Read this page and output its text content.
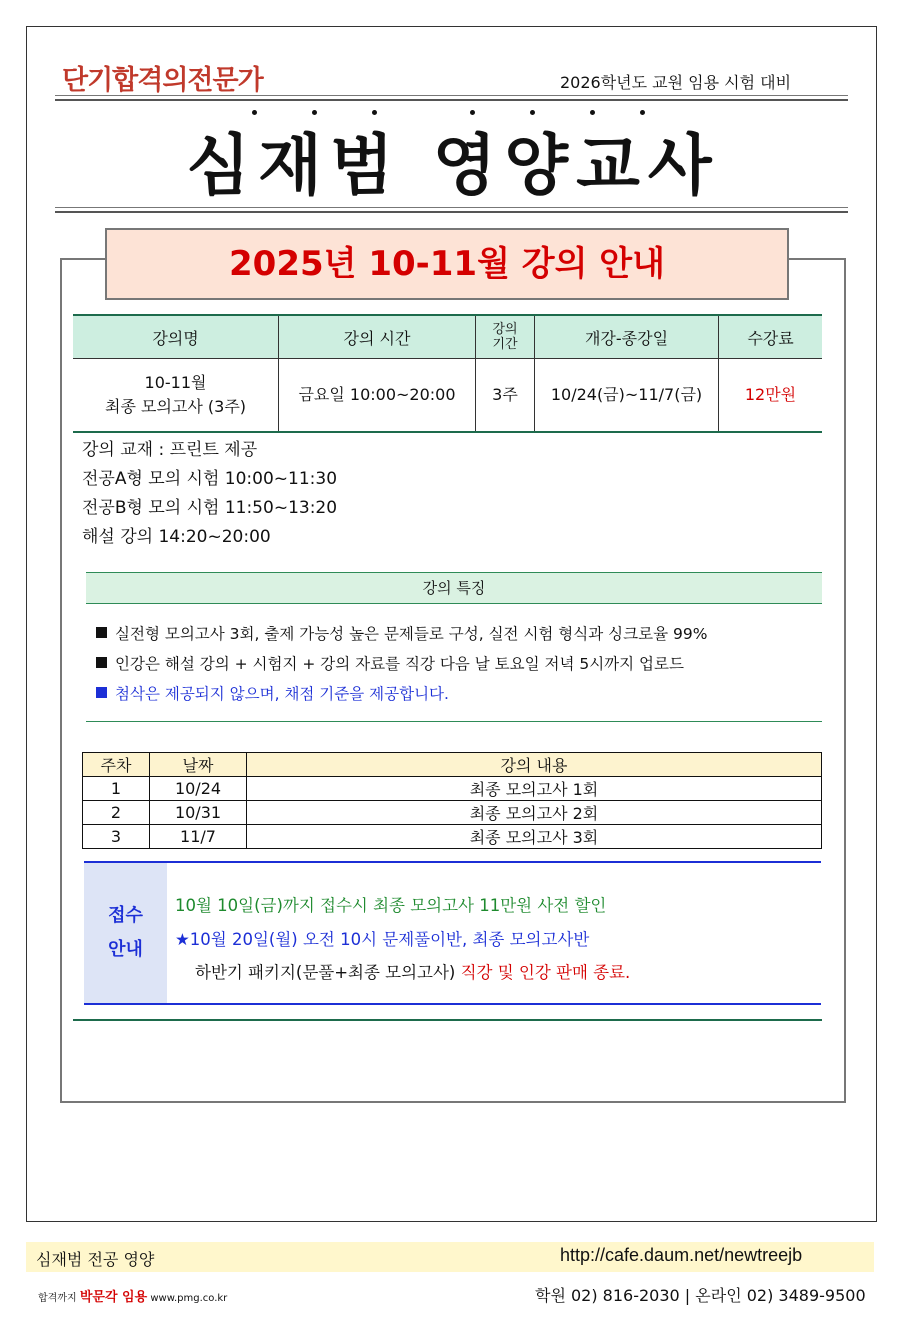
단기합격의전문가	2026학년도 교원 임용 시험 대비
심재범 영양교사
2025년 10-11월 강의 안내
강의명	강의 시간	강의 기간	개강-종강일	수강료

10-11월
최종 모의고사 (3주)	금요일 10:00~20:00	3주	10/24(금)~11/7(금)	12만원
강의 교재 : 프린트 제공
전공A형 모의 시험 10:00~11:30
전공B형 모의 시험 11:50~13:20
해설 강의 14:20~20:00
강의 특징
실전형 모의고사 3회, 출제 가능성 높은 문제들로 구성, 실전 시험 형식과 싱크로율 99%
인강은 해설 강의 + 시험지 + 강의 자료를 직강 다음 날 토요일 저녁 5시까지 업로드
첨삭은 제공되지 않으며, 채점 기준을 제공합니다.
주차	날짜	강의 내용
1	10/24	최종 모의고사 1회
2	10/31	최종 모의고사 2회
3	11/7	최종 모의고사 3회
접수
안내
10월 10일(금)까지 접수시 최종 모의고사 11만원 사전 할인
★10월 20일(월) 오전 10시 문제풀이반, 최종 모의고사반
하반기 패키지(문풀+최종 모의고사) 직강 및 인강 판매 종료.
심재범 전공 영양	http://cafe.daum.net/newtreejb
합격까지 박문각 임용 www.pmg.co.kr	학원 02) 816-2030 | 온라인 02) 3489-9500
